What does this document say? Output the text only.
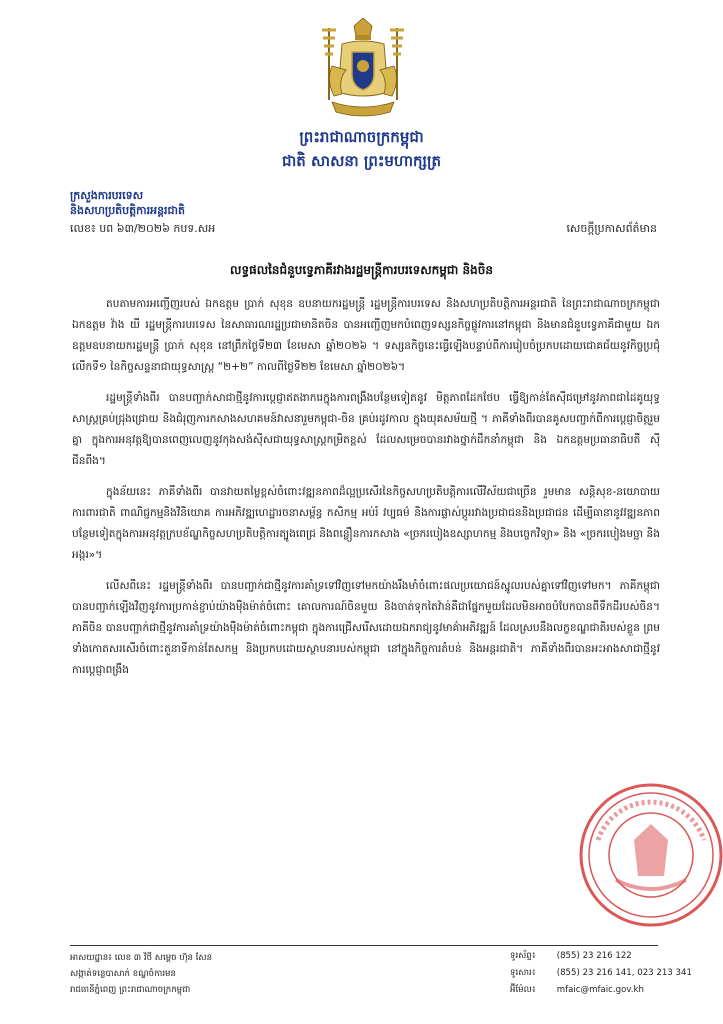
ព្រះរាជាណាចក្រកម្ពុជា
ជាតិ សាសនា ព្រះមហាក្សត្រ
ក្រសួងការបរទេស
និងសហប្រតិបត្តិការអន្តរជាតិ
លេខ៖ បព ៦៣/២០២៦ កបទ.សអ	សេចក្តីប្រកាសព័ត៌មាន
លទ្ធផលនៃជំនួបទ្វេភាគីរវាងរដ្ឋមន្ត្រីការបរទេសកម្ពុជា និងចិន

តបតាមការអញ្ជើញរបស់ ឯកឧត្តម ប្រាក់ សុខុន ឧបនាយករដ្ឋមន្ត្រី រដ្ឋមន្ត្រីការបរទេស និងសហប្រតិបត្តិការអន្តរជាតិ នៃព្រះរាជាណាចក្រកម្ពុជា ឯកឧត្តម វ៉ាង យី រដ្ឋមន្ត្រីការបរទេស នៃសាធារណរដ្ឋប្រជាមានិតចិន បានអញ្ជើញមកបំពេញទស្សនកិច្ចផ្លូវការនៅកម្ពុជា និងមានជំនួបទ្វេភាគីជាមួយ ឯកឧត្តមឧបនាយករដ្ឋមន្ត្រី ប្រាក់ សុខុន នៅព្រឹកថ្ងៃទី២៣ ខែមេសា ឆ្នាំ២០២៦ ។ ទស្សនកិច្ចនេះធ្វើឡើងបន្ទាប់ពីការរៀបចំប្រកបដោយជោគជ័យនូវកិច្ចប្រជុំលើកទី១ នៃកិច្ចសន្ទនាជាយុទ្ធសាស្ត្រ “២+២” កាលពីថ្ងៃទី២២ ខែមេសា ឆ្នាំ២០២៦។

រដ្ឋមន្ត្រីទាំងពីរ បានបញ្ជាក់សាជាថ្មីនូវការប្តេជ្ញាឥតងាករេក្នុងការពង្រឹងបន្ថែមទៀតនូវ មិត្តភាពដែកថែប ធ្វើឱ្យកាន់តែស៊ីជម្រៅនូវភាពជាដៃគូយុទ្ធសាស្ត្រគ្រប់ជ្រុងជ្រោយ និងជំរុញការកសាងសហគមន៍វាសនារួមកម្ពុជា-ចិន គ្រប់រដូវកាល ក្នុងយុគសម័យថ្មី ។ ភាគីទាំងពីរបានគូសបញ្ជាក់ពីការប្តេជ្ញាចិត្តរួមគ្នា ក្នុងការអនុវត្តឱ្យបានពេញលេញនូវកុងសង់ស៊ីសជាយុទ្ធសាស្ត្រកម្រិតខ្ពស់ ដែលសម្រេចបានរវាងថ្នាក់ដឹកនាំកម្ពុជា និង ឯកឧត្តមប្រធានាធិបតី ស៊ី ជីនពីង។

ក្នុងន័យនេះ ភាគីទាំងពីរ បានវាយតម្លៃខ្ពស់ចំពោះវឌ្ឍនភាពដ៏ល្អប្រសើរនៃកិច្ចសហប្រតិបត្តិការលើវិស័យជាច្រើន រួមមាន សន្តិសុខ-នយោបាយ ការពារជាតិ ពាណិជ្ជកម្មនិងវិនិយោគ ការអភិវឌ្ឍហេដ្ឋារចនាសម្ព័ន្ធ កសិកម្ម អប់រំ វប្បធម៌ និងការផ្លាស់ប្តូររវាងប្រជាជននិងប្រជាជន ដើម្បីធានានូវវឌ្ឍនភាពបន្ថែមទៀតក្នុងការអនុវត្តក្របខ័ណ្ឌកិច្ចសហប្រតិបត្តិការត្បូងពេជ្រ និងពន្លឿនការកសាង «ច្រករបៀងឧស្សាហកម្ម និងបច្ចេកវិទ្យា» និង «ច្រករបៀងមច្ឆា និងអង្ករ»។

លើសពីនេះ រដ្ឋមន្ត្រីទាំងពីរ បានបញ្ជាក់ជាថ្មីនូវការគាំទ្រទៅវិញទៅមកយ៉ាងរឹងមាំចំពោះផលប្រយោជន៍ស្នូលរបស់គ្នាទៅវិញទៅមក។ ភាគីកម្ពុជា បានបញ្ជាក់ឡើងវិញនូវការប្រកាន់ខ្ជាប់យ៉ាងម៉ឺងម៉ាត់ចំពោះ គោលការណ៍ចិនមួយ និងចាត់ទុកតៃវ៉ាន់គឺជាផ្នែកមួយដែលមិនអាចបំបែកបានពីទឹកដីរបស់ចិន។ ភាគីចិន បានបញ្ជាក់ជាថ្មីនូវការគាំទ្រយ៉ាងម៉ឺងម៉ាត់ចំពោះកម្ពុជា ក្នុងការជ្រើសរើសដោយឯករាជ្យនូវមាគ៌ាអភិវឌ្ឍន៍ ដែលស្របនឹងលក្ខខណ្ឌជាតិរបស់ខ្លួន ព្រមទាំងកោតសរសើរចំពោះតួនាទីកាន់តែសកម្ម និងប្រកបដោយស្ថាបនារបស់កម្ពុជា នៅក្នុងកិច្ចការតំបន់ និងអន្តរជាតិ។ ភាគីទាំងពីរបានអះអាងសាជាថ្មីនូវការប្តេជ្ញាពង្រឹង

អាសយដ្ឋាន៖ លេខ ៣ វិថី សម្តេច ហ៊ុន សែន
សង្កាត់ទន្លេបាសាក់ ខណ្ឌចំការមន
រាជធានីភ្នំពេញ ព្រះរាជាណាចក្រកម្ពុជា
ទូរស័ព្ទ៖ (855) 23 216 122
ទូរសារ៖ (855) 23 216 141, 023 213 341
អ៊ីម៉ែល៖ mfaic@mfaic.gov.kh
